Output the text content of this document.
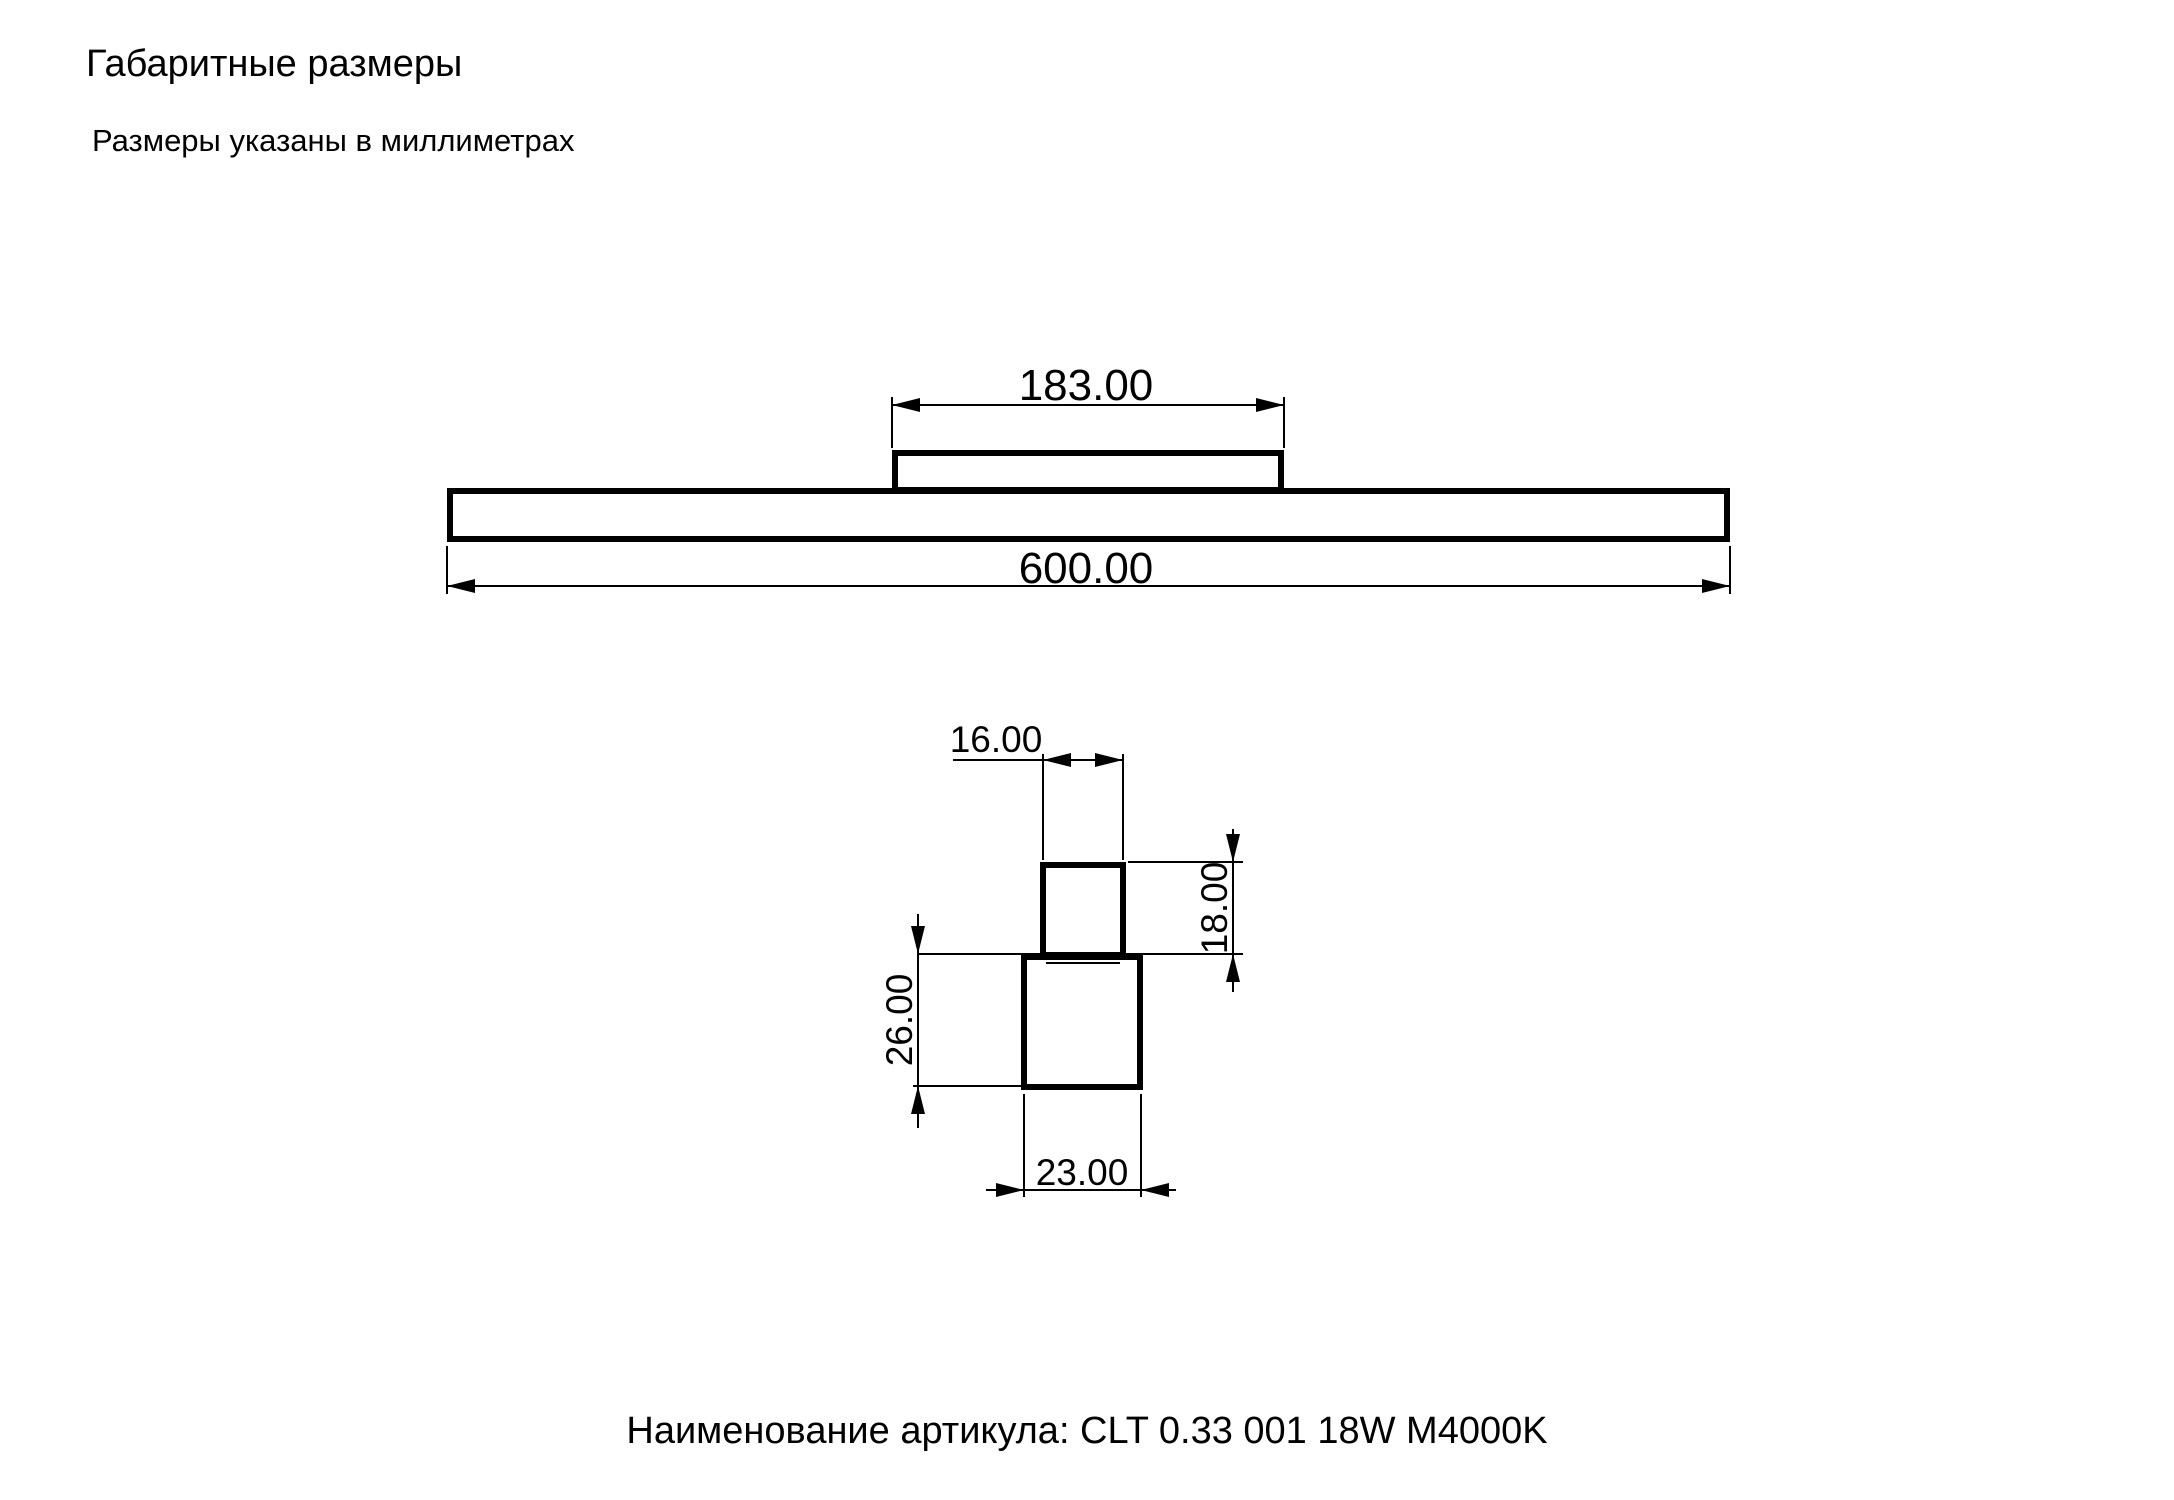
Габаритные размеры
Размеры указаны в миллиметрах
183.00
600.00
16.00
18.00
26.00
23.00
Наименование артикула: CLT 0.33 001 18W M4000K
